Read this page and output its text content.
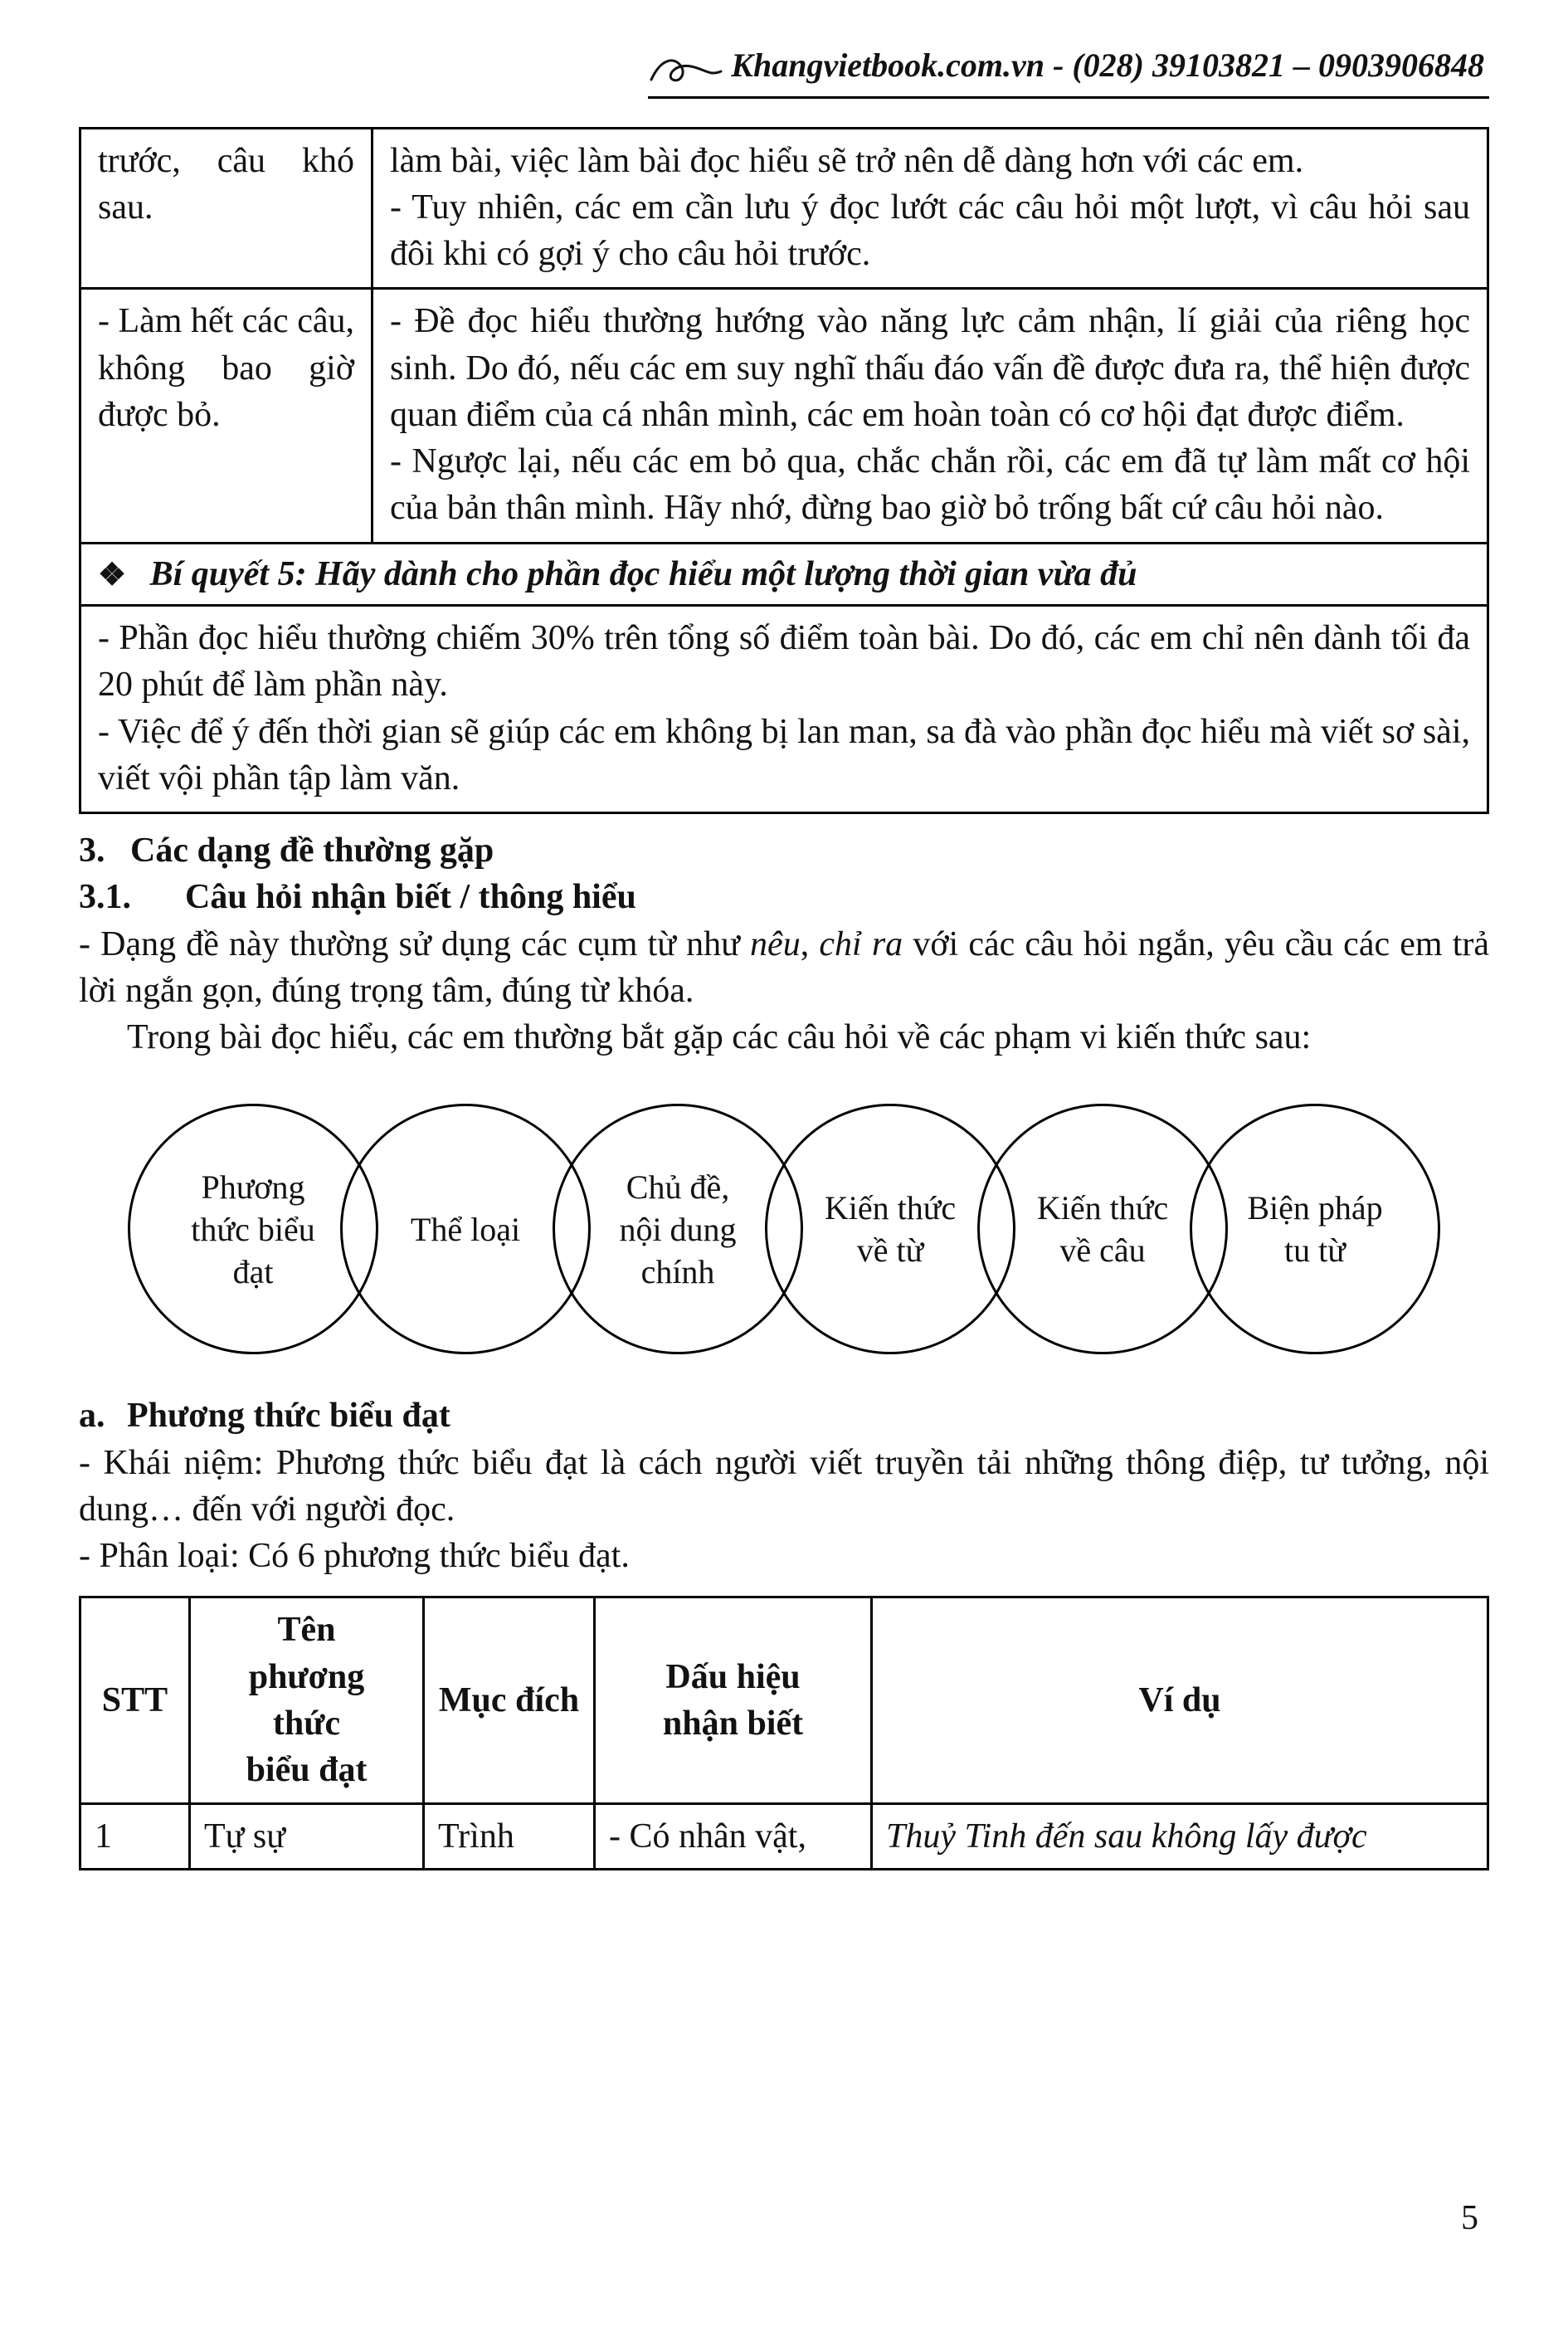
Khangvietbook.com.vn - (028) 39103821 – 0903906848

trước, câu khó sau.	làm bài, việc làm bài đọc hiểu sẽ trở nên dễ dàng hơn với các em.

- Tuy nhiên, các em cần lưu ý đọc lướt các câu hỏi một lượt, vì câu hỏi sau đôi khi có gợi ý cho câu hỏi trước.

- Làm hết các câu, không bao giờ được bỏ.	- Đề đọc hiểu thường hướng vào năng lực cảm nhận, lí giải của riêng học sinh. Do đó, nếu các em suy nghĩ thấu đáo vấn đề được đưa ra, thể hiện được quan điểm của cá nhân mình, các em hoàn toàn có cơ hội đạt được điểm.

- Ngược lại, nếu các em bỏ qua, chắc chắn rồi, các em đã tự làm mất cơ hội của bản thân mình. Hãy nhớ, đừng bao giờ bỏ trống bất cứ câu hỏi nào.

❖ Bí quyết 5: Hãy dành cho phần đọc hiểu một lượng thời gian vừa đủ	

- Phần đọc hiểu thường chiếm 30% trên tổng số điểm toàn bài. Do đó, các em chỉ nên dành tối đa 20 phút để làm phần này.

- Việc để ý đến thời gian sẽ giúp các em không bị lan man, sa đà vào phần đọc hiểu mà viết sơ sài, viết vội phần tập làm văn.	

3. Các dạng đề thường gặp

3.1. Câu hỏi nhận biết / thông hiểu

- Dạng đề này thường sử dụng các cụm từ như nêu, chỉ ra với các câu hỏi ngắn, yêu cầu các em trả lời ngắn gọn, đúng trọng tâm, đúng từ khóa.

Trong bài đọc hiểu, các em thường bắt gặp các câu hỏi về các phạm vi kiến thức sau:

Phương thức biểu đạt
Thể loại
Chủ đề, nội dung chính
Kiến thức về từ
Kiến thức về câu
Biện pháp tu từ

a. Phương thức biểu đạt

- Khái niệm: Phương thức biểu đạt là cách người viết truyền tải những thông điệp, tư tưởng, nội dung… đến với người đọc.

- Phân loại: Có 6 phương thức biểu đạt.

STT	Tên phương thức biểu đạt	Mục đích	Dấu hiệu nhận biết	Ví dụ
1	Tự sự	Trình	- Có nhân vật,	Thuỷ Tinh đến sau không lấy được
5
